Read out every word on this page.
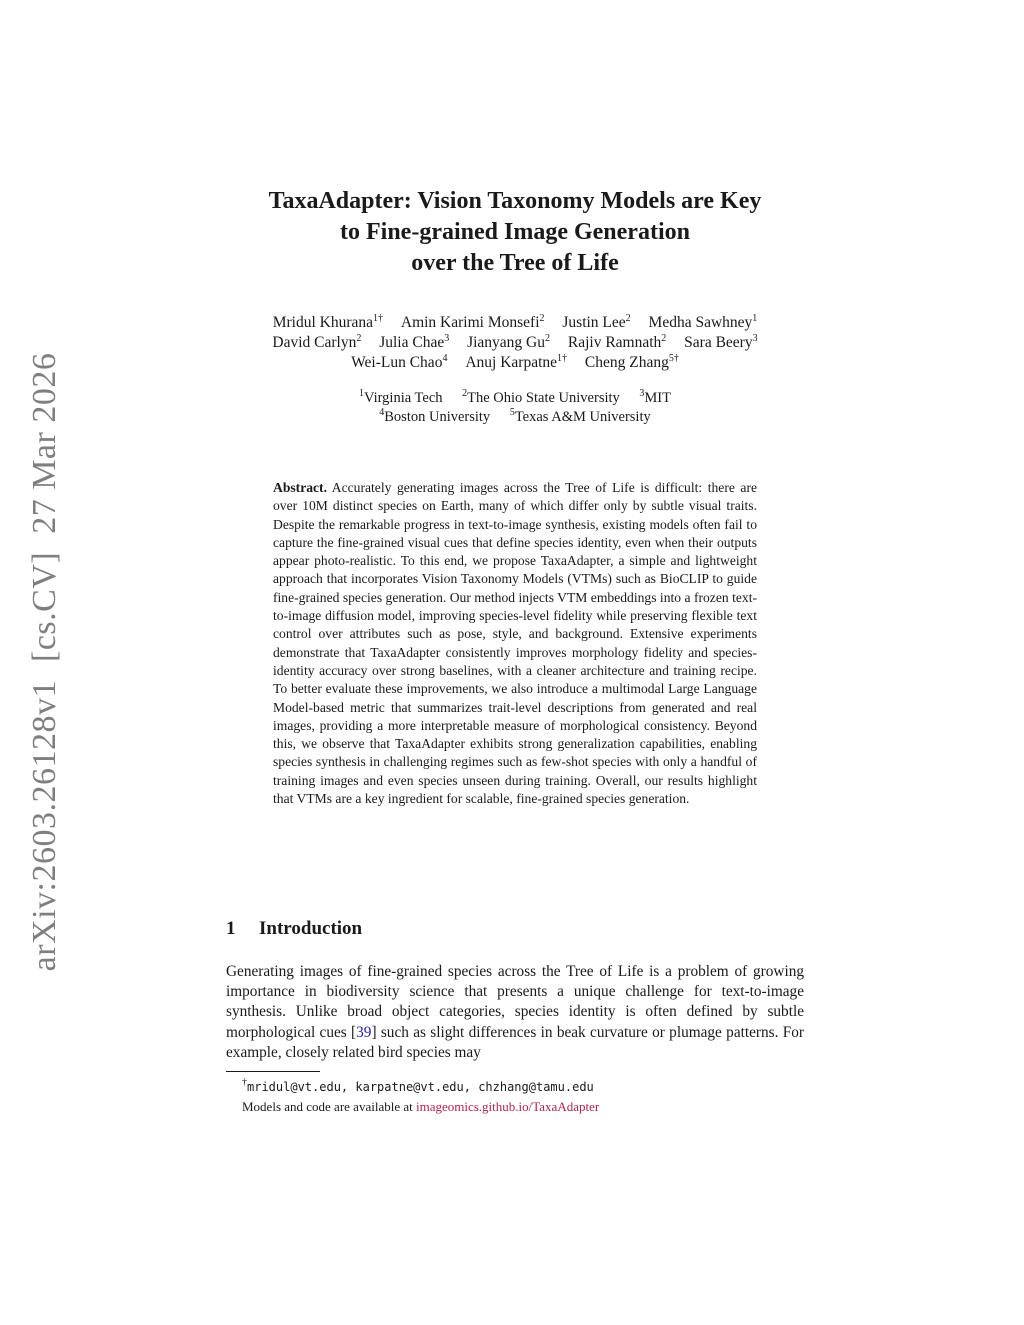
arXiv:2603.26128v1[cs.CV]27 Mar 2026
TaxaAdapter: Vision Taxonomy Models are Key
to Fine-grained Image Generation
over the Tree of Life
Mridul Khurana$^{1\dagger}$ Amin Karimi Monsefi$^2$ Justin Lee$^2$ Medha Sawhney$^1$
David Carlyn$^2$ Julia Chae$^3$ Jianyang Gu$^2$ Rajiv Ramnath$^2$ Sara Beery$^3$
Wei-Lun Chao$^4$ Anuj Karpatne$^{1\dagger}$ Cheng Zhang$^{5\dagger}$
$^1$Virginia Tech $^2$The Ohio State University $^3$MIT
$^4$Boston University $^5$Texas A&M University
Abstract. Accurately generating images across the Tree of Life is difficult: there are over 10M distinct species on Earth, many of which differ only by subtle visual traits. Despite the remarkable progress in text-to-image synthesis, existing models often fail to capture the fine-grained visual cues that define species identity, even when their outputs appear photo-realistic. To this end, we propose TaxaAdapter, a simple and lightweight approach that incorporates Vision Taxonomy Models (VTMs) such as BioCLIP to guide fine-grained species generation. Our method injects VTM embeddings into a frozen text-to-image diffusion model, improving species-level fidelity while preserving flexible text control over attributes such as pose, style, and background. Extensive experiments demonstrate that TaxaAdapter consistently improves morphology fidelity and species-identity accuracy over strong baselines, with a cleaner architecture and training recipe. To better evaluate these improvements, we also introduce a multimodal Large Language Model-based metric that summarizes trait-level descriptions from generated and real images, providing a more interpretable measure of morphological consistency. Beyond this, we observe that TaxaAdapter exhibits strong generalization capabilities, enabling species synthesis in challenging regimes such as few-shot species with only a handful of training images and even species unseen during training. Overall, our results highlight that VTMs are a key ingredient for scalable, fine-grained species generation.
1 Introduction
Generating images of fine-grained species across the Tree of Life is a problem of growing importance in biodiversity science that presents a unique challenge for text-to-image synthesis. Unlike broad object categories, species identity is often defined by subtle morphological cues [39] such as slight differences in beak curvature or plumage patterns. For example, closely related bird species may
†mridul@vt.edu, karpatne@vt.edu, chzhang@tamu.edu
Models and code are available at imageomics.github.io/TaxaAdapter
